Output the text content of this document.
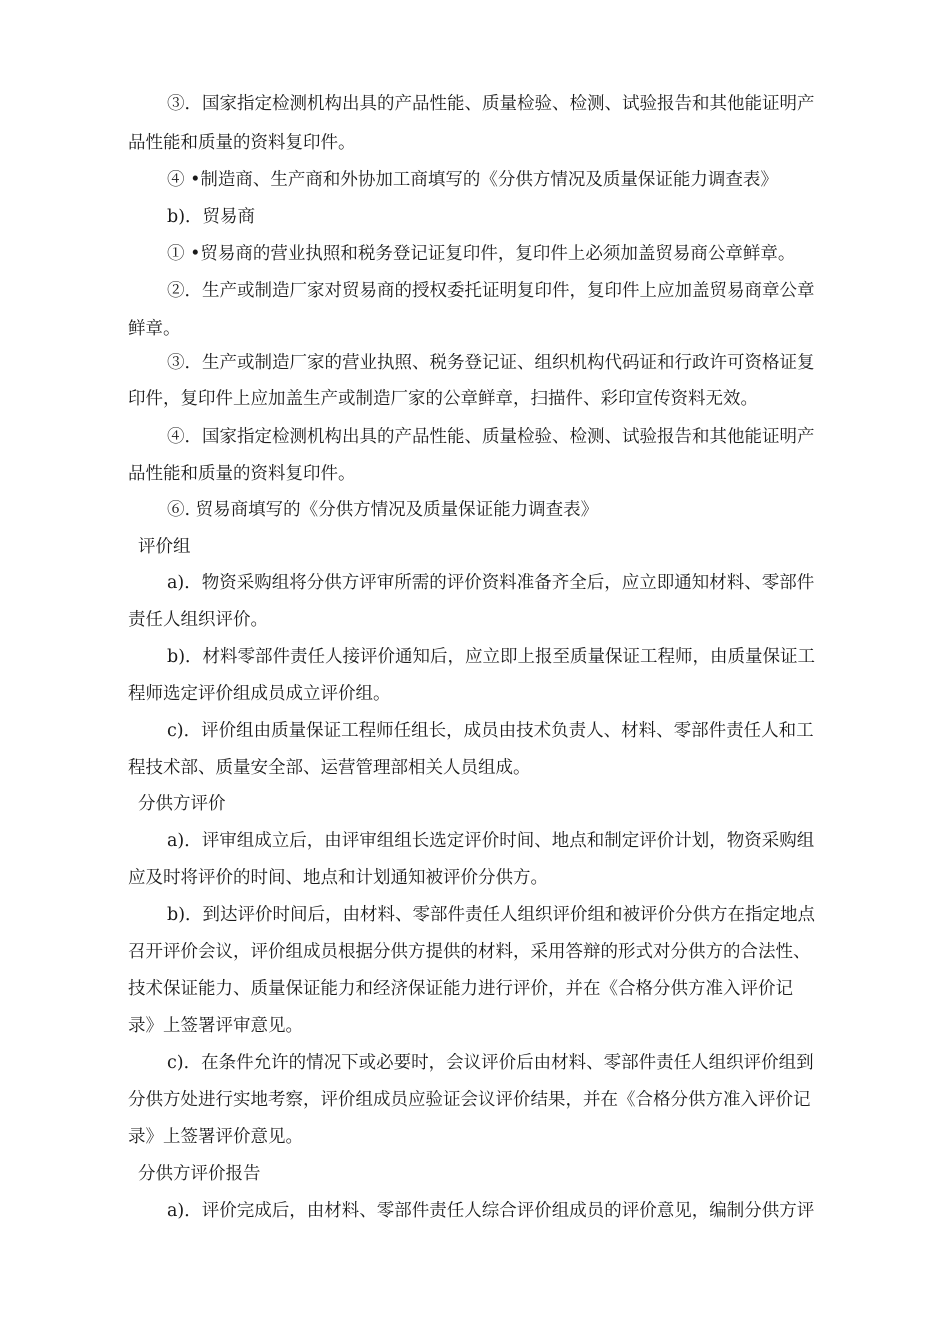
③．国家指定检测机构出具的产品性能、质量检验、检测、试验报告和其他能证明产
品性能和质量的资料复印件。
④ •制造商、生产商和外协加工商填写的《分供方情况及质量保证能力调查表》
b)．贸易商
① •贸易商的营业执照和税务登记证复印件，复印件上必须加盖贸易商公章鲜章。
②．生产或制造厂家对贸易商的授权委托证明复印件，复印件上应加盖贸易商章公章
鲜章。
③．生产或制造厂家的营业执照、税务登记证、组织机构代码证和行政许可资格证复
印件，复印件上应加盖生产或制造厂家的公章鲜章，扫描件、彩印宣传资料无效。
④．国家指定检测机构出具的产品性能、质量检验、检测、试验报告和其他能证明产
品性能和质量的资料复印件。
⑥. 贸易商填写的《分供方情况及质量保证能力调查表》
评价组
a)．物资采购组将分供方评审所需的评价资料准备齐全后，应立即通知材料、零部件
责任人组织评价。
b)．材料零部件责任人接评价通知后，应立即上报至质量保证工程师，由质量保证工
程师选定评价组成员成立评价组。
c)．评价组由质量保证工程师任组长，成员由技术负责人、材料、零部件责任人和工
程技术部、质量安全部、运营管理部相关人员组成。
分供方评价
a)．评审组成立后，由评审组组长选定评价时间、地点和制定评价计划，物资采购组
应及时将评价的时间、地点和计划通知被评价分供方。
b)．到达评价时间后，由材料、零部件责任人组织评价组和被评价分供方在指定地点
召开评价会议，评价组成员根据分供方提供的材料，采用答辩的形式对分供方的合法性、
技术保证能力、质量保证能力和经济保证能力进行评价，并在《合格分供方准入评价记
录》上签署评审意见。
c)．在条件允许的情况下或必要时，会议评价后由材料、零部件责任人组织评价组到
分供方处进行实地考察，评价组成员应验证会议评价结果，并在《合格分供方准入评价记
录》上签署评价意见。
分供方评价报告
a)．评价完成后，由材料、零部件责任人综合评价组成员的评价意见，编制分供方评
